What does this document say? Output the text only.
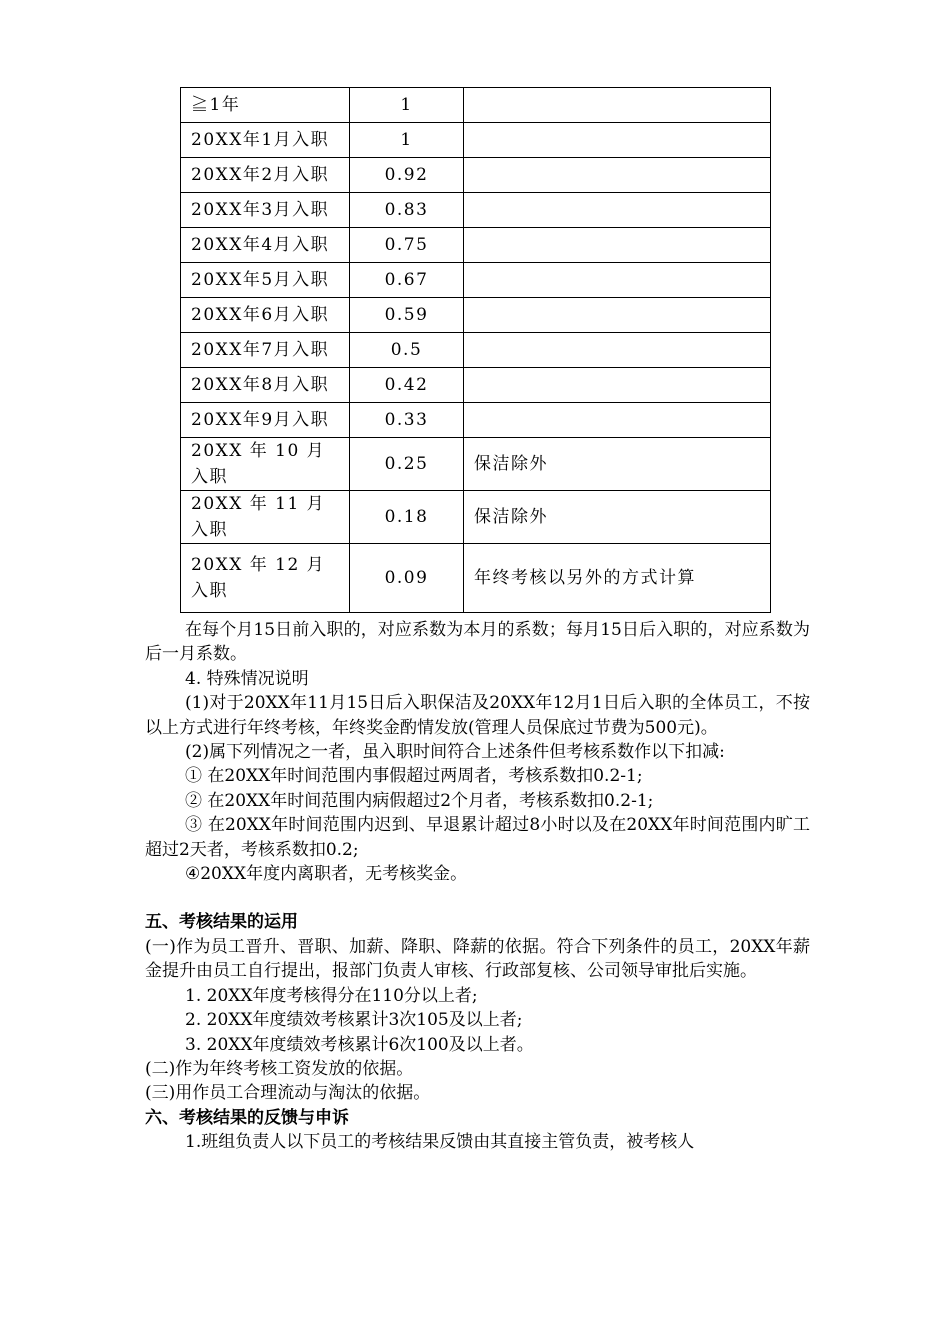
≧1年	1	
20XX年1月入职	1	
20XX年2月入职	0.92	
20XX年3月入职	0.83	
20XX年4月入职	0.75	
20XX年5月入职	0.67	
20XX年6月入职	0.59	
20XX年7月入职	0.5	
20XX年8月入职	0.42	
20XX年9月入职	0.33	
20XX 年 10 月入职	0.25	保洁除外
20XX 年 11 月入职	0.18	保洁除外
20XX 年 12 月入职	0.09	年终考核以另外的方式计算

在每个月15日前入职的，对应系数为本月的系数；每月15日后入职的，对应系数为后一月系数。

4. 特殊情况说明

(1)对于20XX年11月15日后入职保洁及20XX年12月1日后入职的全体员工，不按以上方式进行年终考核，年终奖金酌情发放(管理人员保底过节费为500元)。

(2)属下列情况之一者，虽入职时间符合上述条件但考核系数作以下扣减:

① 在20XX年时间范围内事假超过两周者，考核系数扣0.2-1;

② 在20XX年时间范围内病假超过2个月者，考核系数扣0.2-1;

③ 在20XX年时间范围内迟到、早退累计超过8小时以及在20XX年时间范围内旷工超过2天者，考核系数扣0.2;

④20XX年度内离职者，无考核奖金。

五、考核结果的运用

(一)作为员工晋升、晋职、加薪、降职、降薪的依据。符合下列条件的员工，20XX年薪金提升由员工自行提出，报部门负责人审核、行政部复核、公司领导审批后实施。

1. 20XX年度考核得分在110分以上者;

2. 20XX年度绩效考核累计3次105及以上者;

3. 20XX年度绩效考核累计6次100及以上者。

(二)作为年终考核工资发放的依据。

(三)用作员工合理流动与淘汰的依据。

六、考核结果的反馈与申诉

1.班组负责人以下员工的考核结果反馈由其直接主管负责，被考核人
